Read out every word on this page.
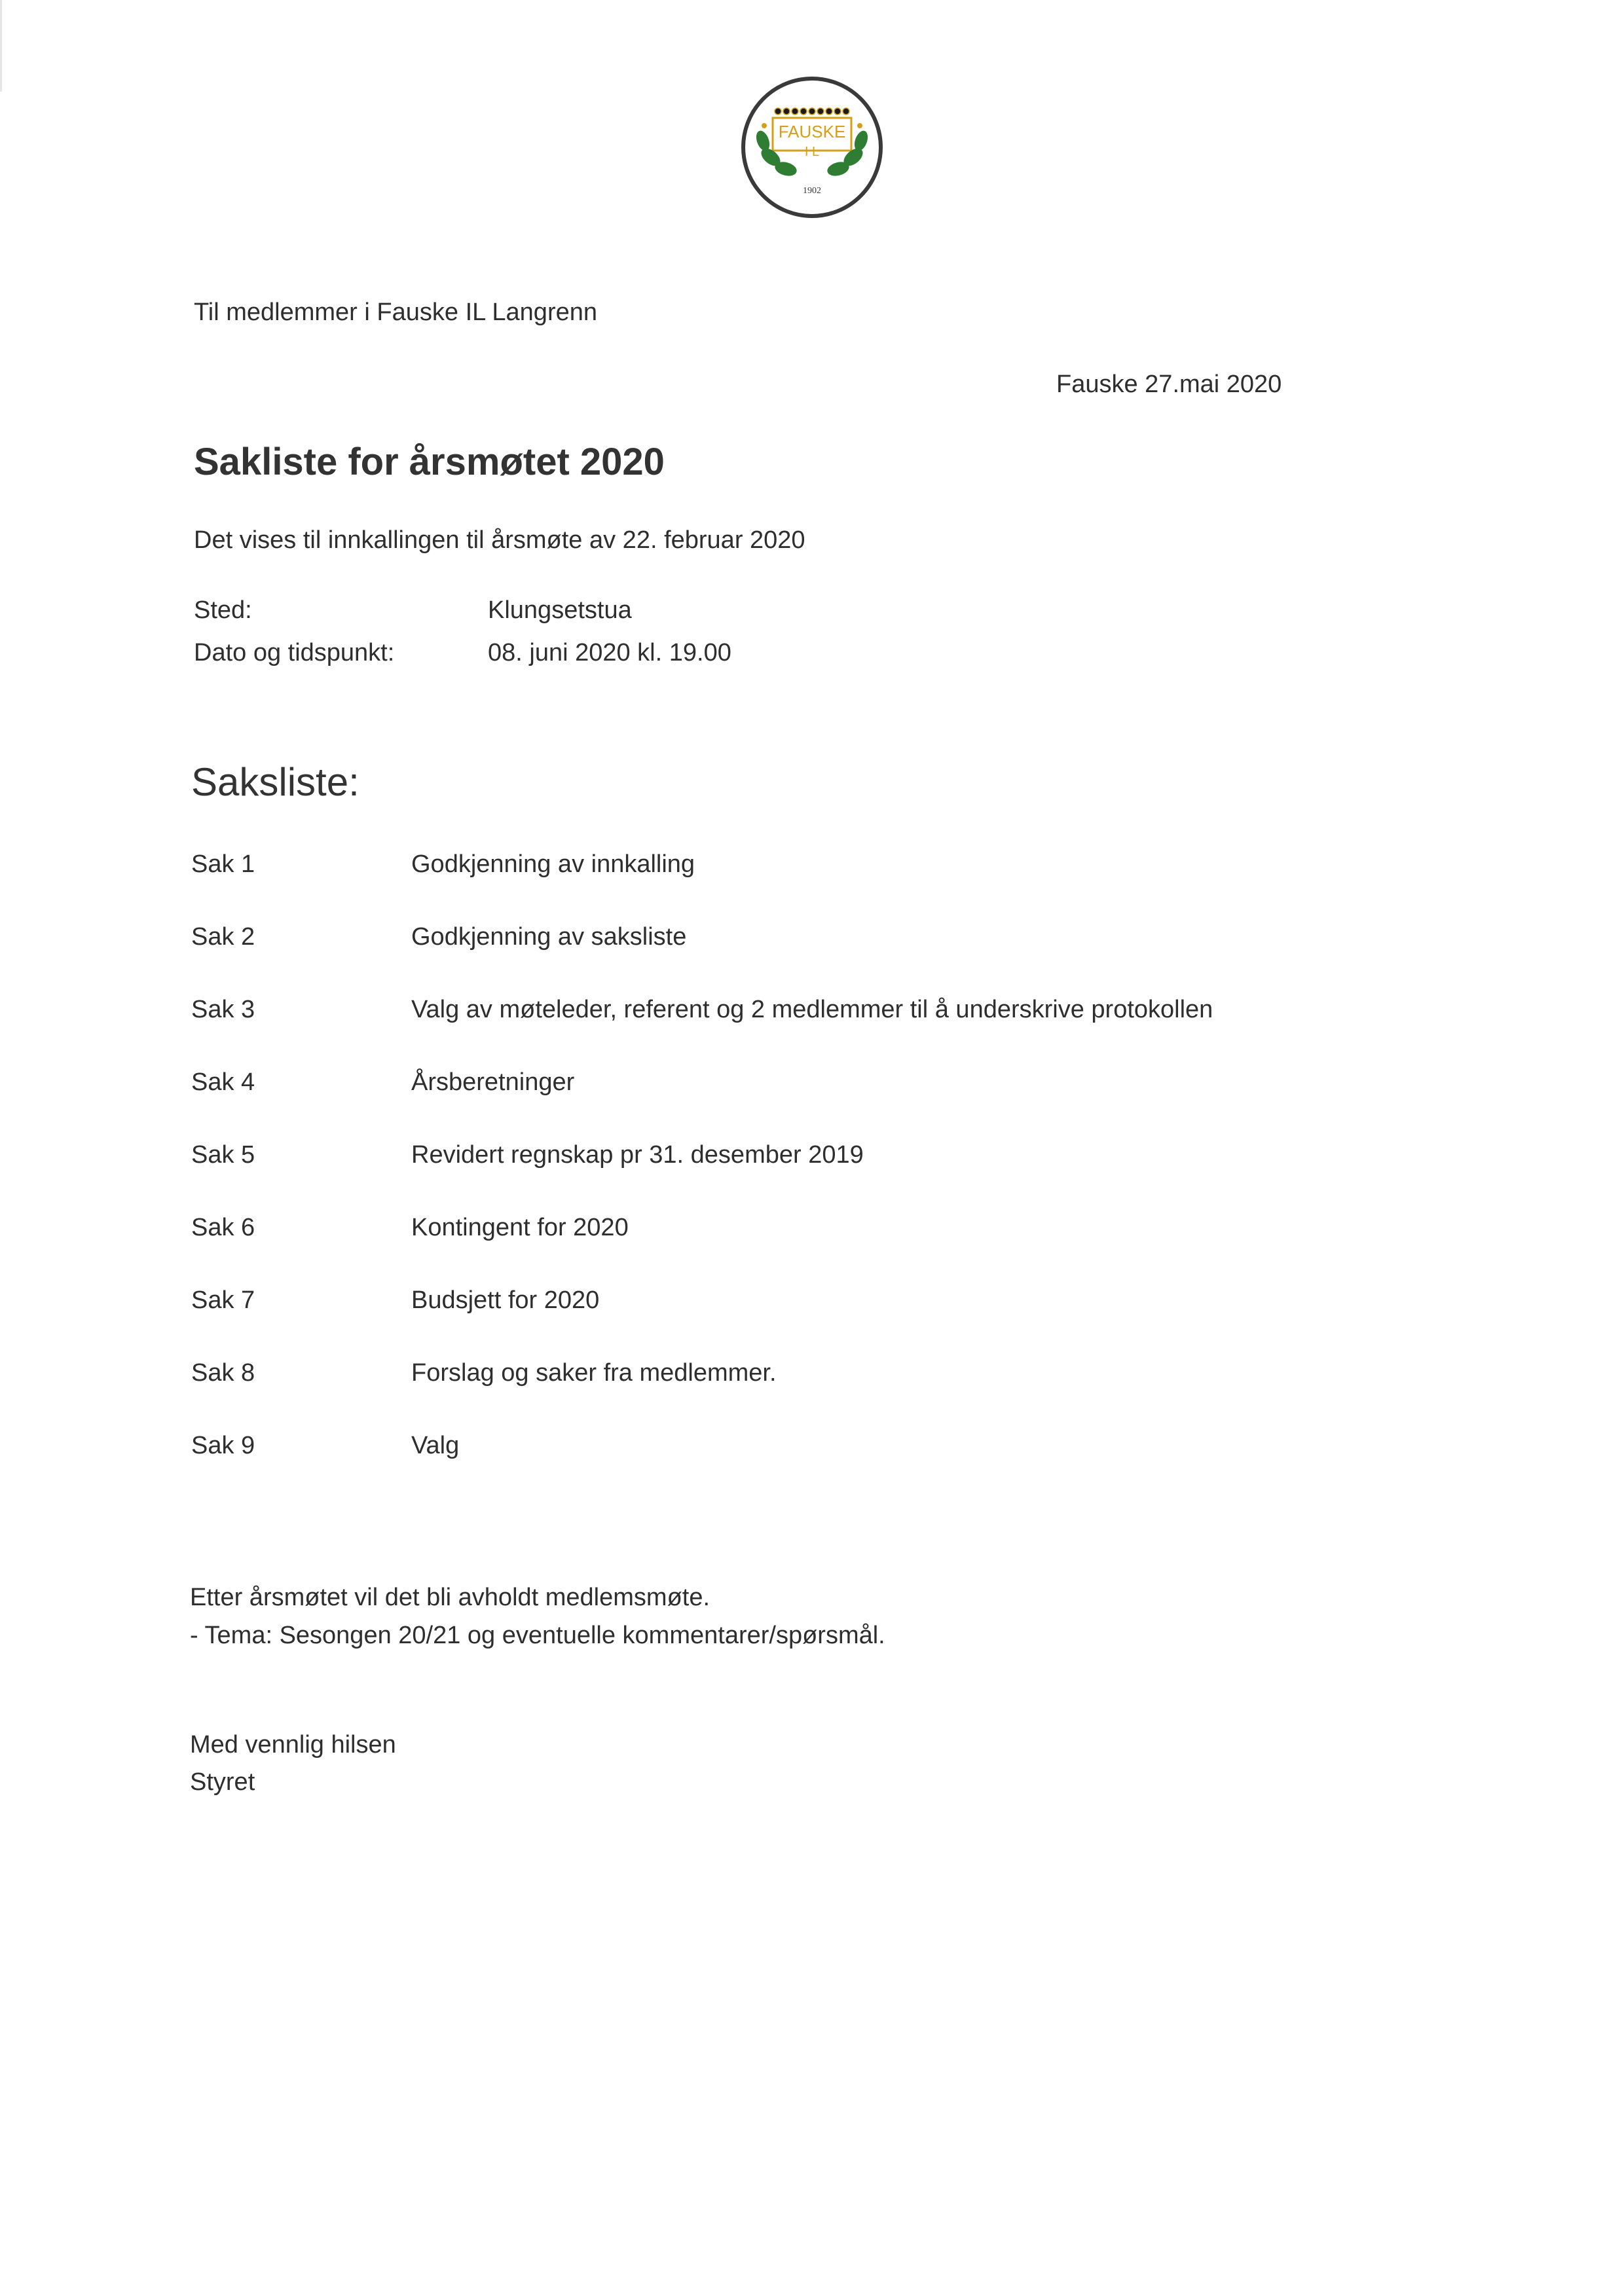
FAUSKE
I L
1902
Til medlemmer i Fauske IL Langrenn
Fauske 27.mai 2020
Sakliste for årsmøtet 2020
Det vises til innkallingen til årsmøte av 22. februar 2020
Sted:	Klungsetstua
Dato og tidspunkt:	08. juni 2020 kl. 19.00
Saksliste:
Sak 1	Godkjenning av innkalling
Sak 2	Godkjenning av saksliste
Sak 3	Valg av møteleder, referent og 2 medlemmer til å underskrive protokollen
Sak 4	Årsberetninger
Sak 5	Revidert regnskap pr 31. desember 2019
Sak 6	Kontingent for 2020
Sak 7	Budsjett for 2020
Sak 8	Forslag og saker fra medlemmer.
Sak 9	Valg
Etter årsmøtet vil det bli avholdt medlemsmøte.
- Tema: Sesongen 20/21 og eventuelle kommentarer/spørsmål.
Med vennlig hilsen
Styret
